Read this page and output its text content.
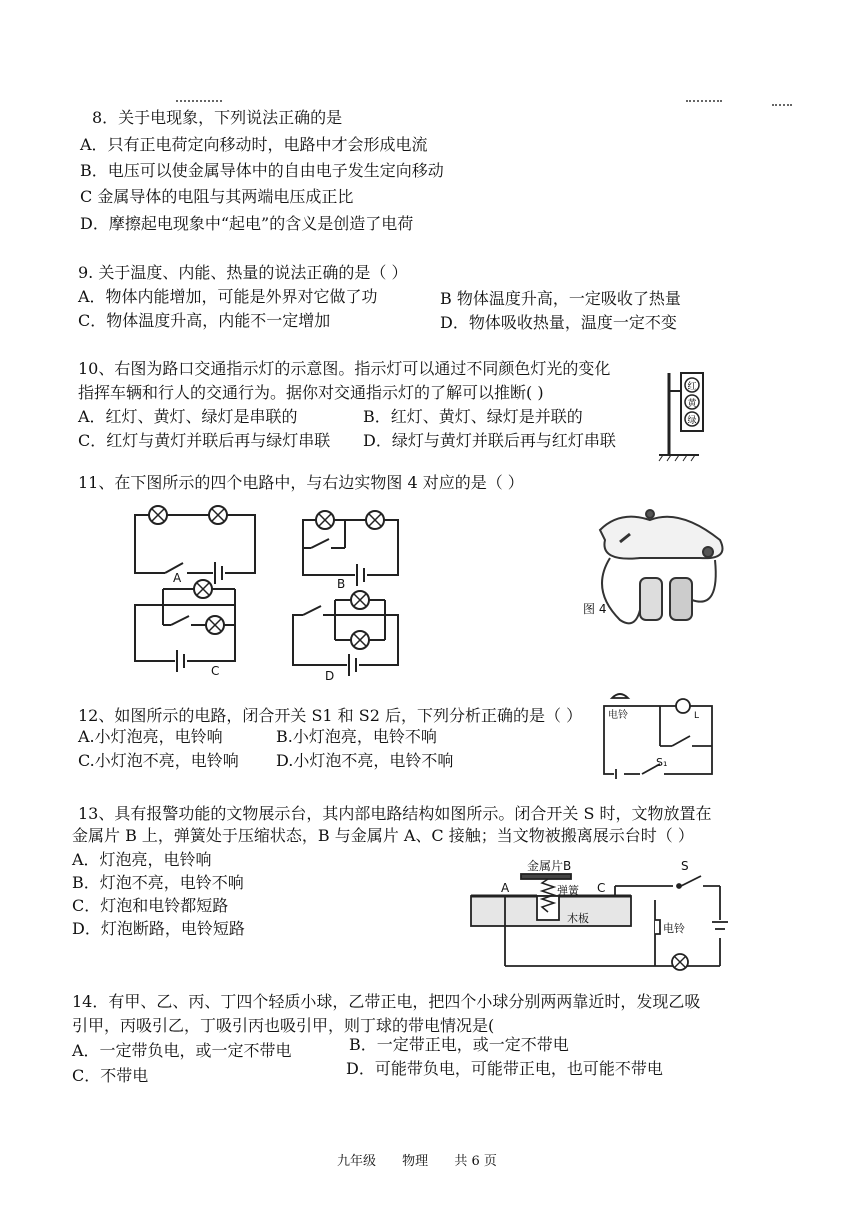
8．关于电现象，下列说法正确的是
A．只有正电荷定向移动时，电路中才会形成电流
B．电压可以使金属导体中的自由电子发生定向移动
C 金属导体的电阻与其两端电压成正比
D．摩擦起电现象中“起电”的含义是创造了电荷
9. 关于温度、内能、热量的说法正确的是（ ）
A．物体内能增加，可能是外界对它做了功	B 物体温度升高，一定吸收了热量
C．物体温度升高，内能不一定增加	D．物体吸收热量，温度一定不变
10、右图为路口交通指示灯的示意图。指示灯可以通过不同颜色灯光的变化
指挥车辆和行人的交通行为。据你对交通指示灯的了解可以推断( )
A．红灯、黄灯、绿灯是串联的	B．红灯、黄灯、绿灯是并联的
C．红灯与黄灯并联后再与绿灯串联 D．绿灯与黄灯并联后再与红灯串联
红
黄
绿
11、在下图所示的四个电路中，与右边实物图 4 对应的是（ ）
A	B
C	D
图 4
12、如图所示的电路，闭合开关 S1 和 S2 后，下列分析正确的是（ ）
A.小灯泡亮，电铃响	B.小灯泡亮，电铃不响
C.小灯泡不亮，电铃响 D.小灯泡不亮，电铃不响
电铃	L
S₁
13、具有报警功能的文物展示台，其内部电路结构如图所示。闭合开关 S 时，文物放置在
金属片 B 上，弹簧处于压缩状态，B 与金属片 A、C 接触；当文物被搬离展示台时（ ）
A．灯泡亮，电铃响
B．灯泡不亮，电铃不响
C．灯泡和电铃都短路
D．灯泡断路，电铃短路
金属片B
弹簧
A	C
木板
S
电铃
14．有甲、乙、丙、丁四个轻质小球，乙带正电，把四个小球分别两两靠近时，发现乙吸
引甲，丙吸引乙，丁吸引丙也吸引甲，则丁球的带电情况是(
A．一定带负电，或一定不带电	B．一定带正电，或一定不带电
C．不带电	D．可能带负电，可能带正电，也可能不带电
九年级 物理 共 6 页
